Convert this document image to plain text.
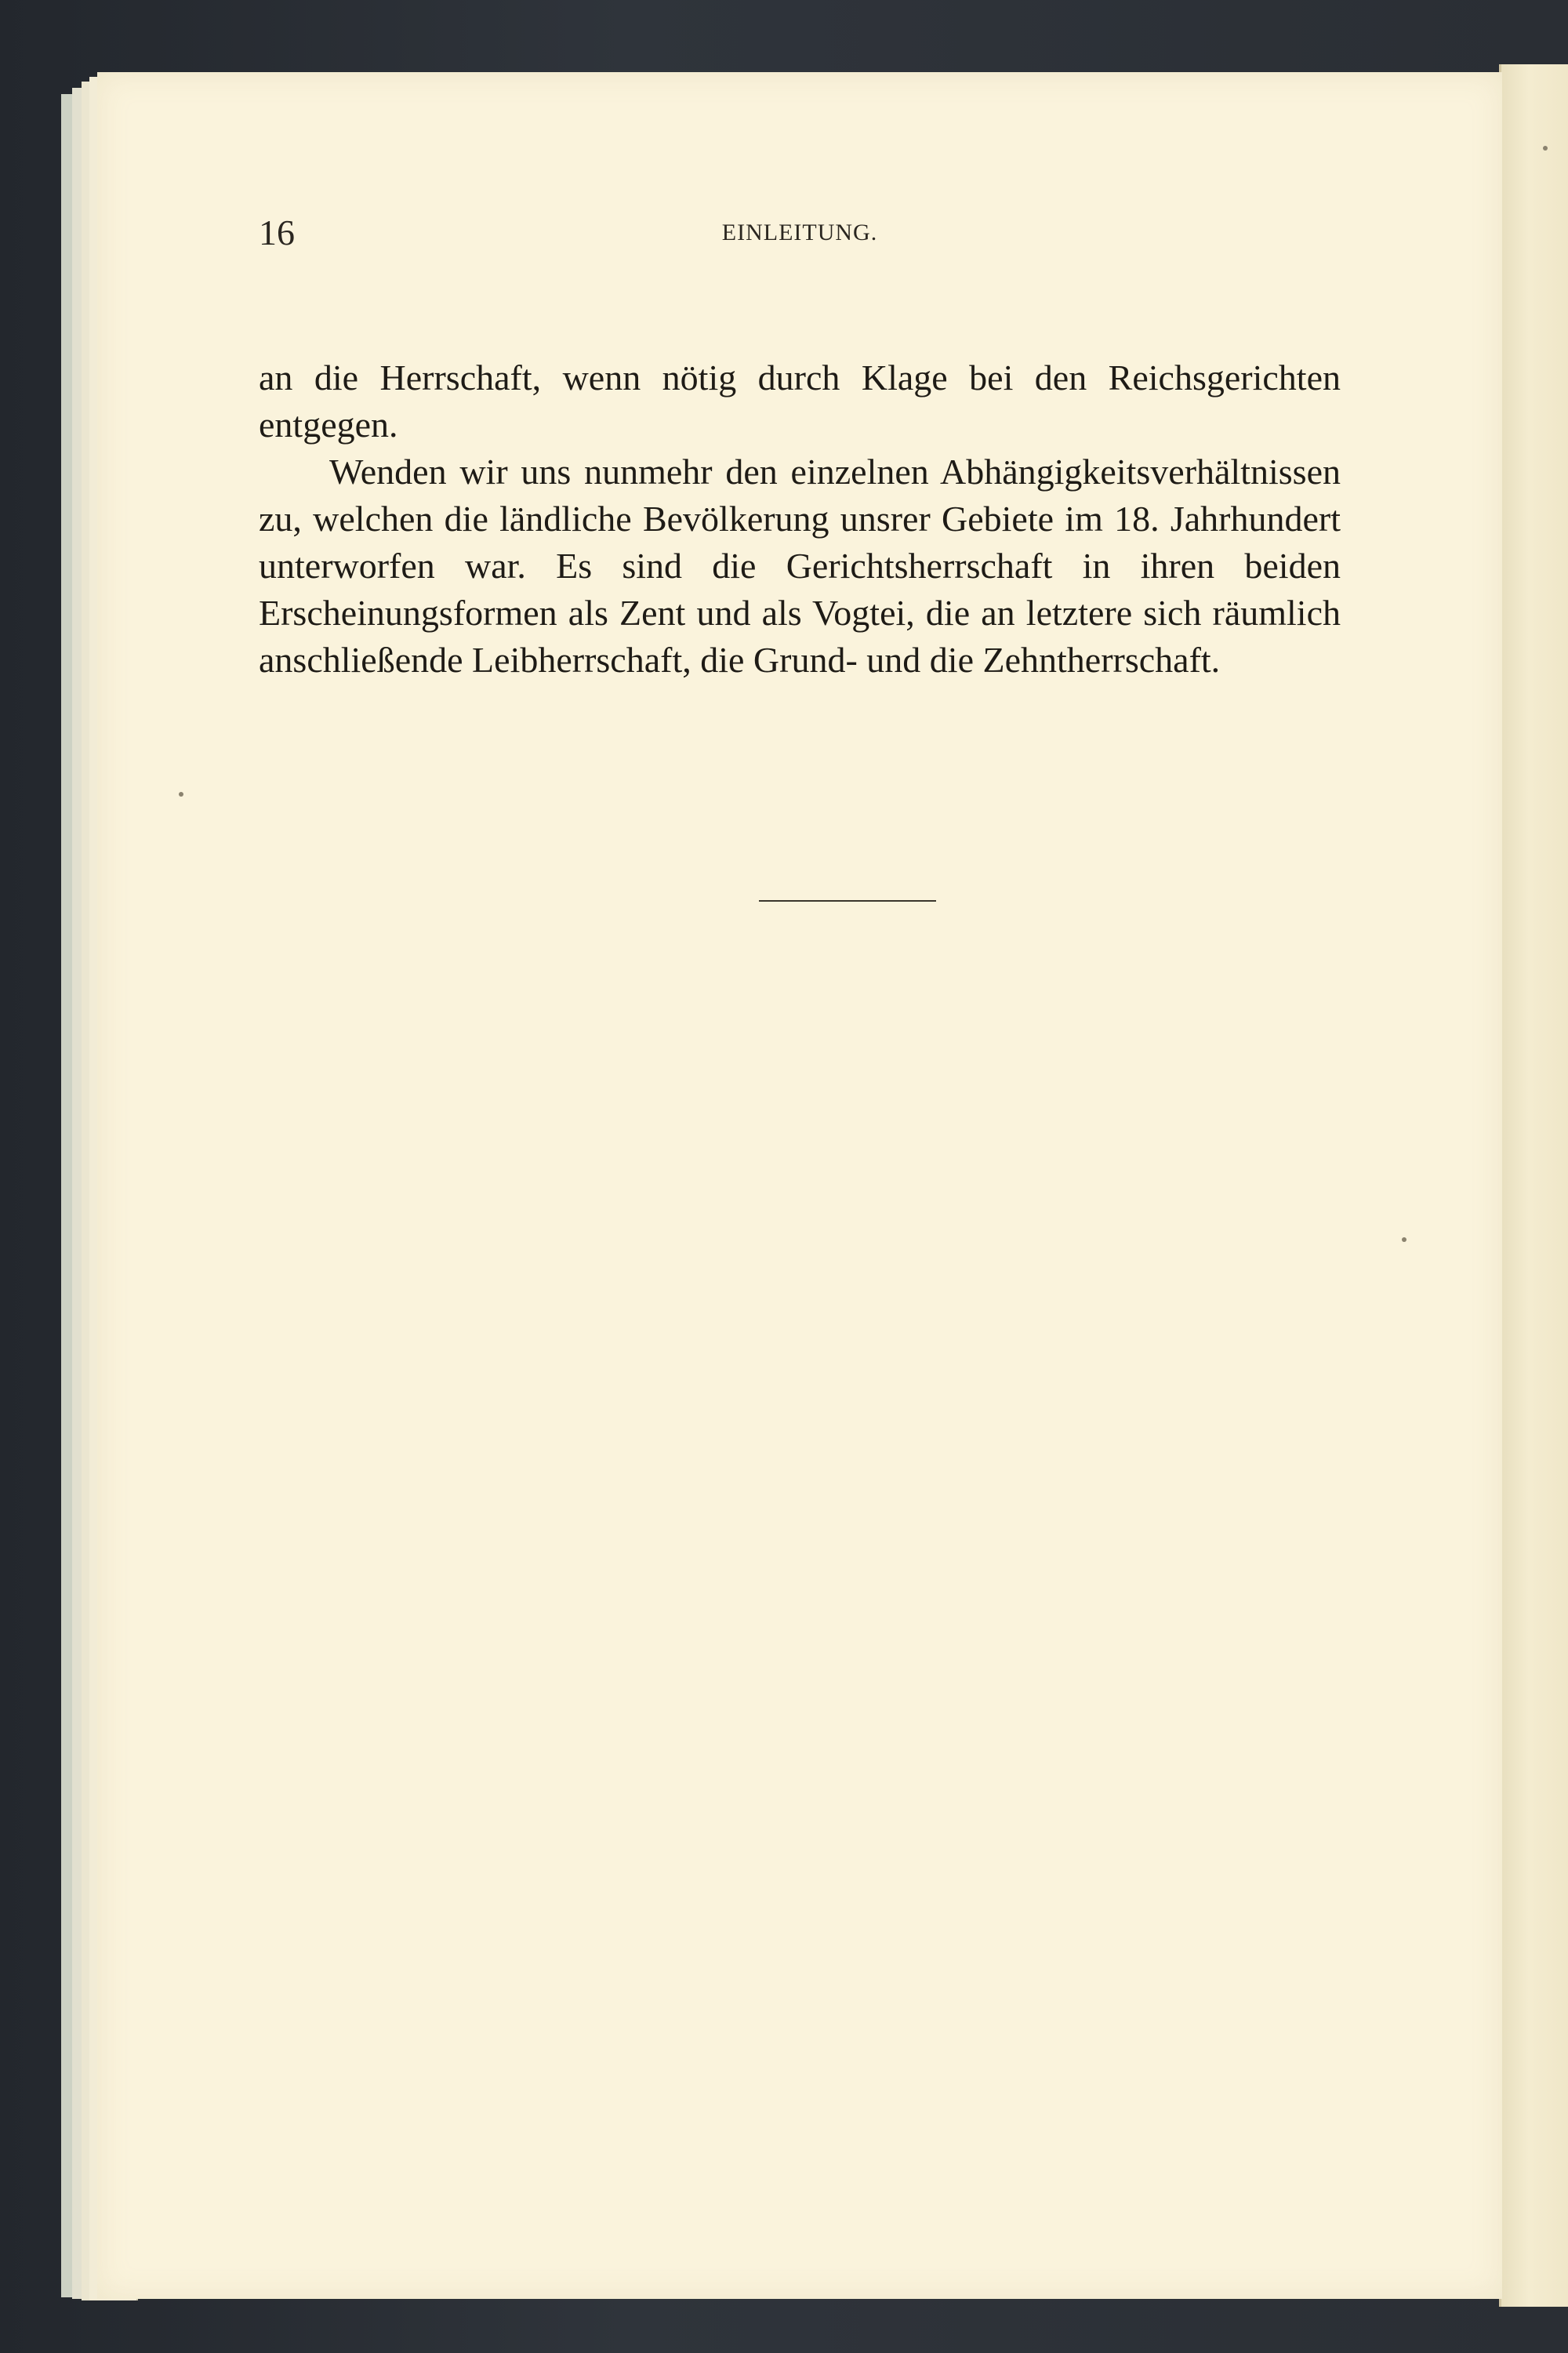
16	EINLEITUNG.

an die Herrschaft, wenn nötig durch Klage bei den Reichsgerichten entgegen.

Wenden wir uns nunmehr den einzelnen Abhängigkeitsverhältnissen zu, welchen die ländliche Bevölkerung unsrer Gebiete im 18. Jahrhundert unterworfen war. Es sind die Gerichtsherrschaft in ihren beiden Erscheinungsformen als Zent und als Vogtei, die an letztere sich räumlich anschließende Leibherrschaft, die Grund- und die Zehntherrschaft.
